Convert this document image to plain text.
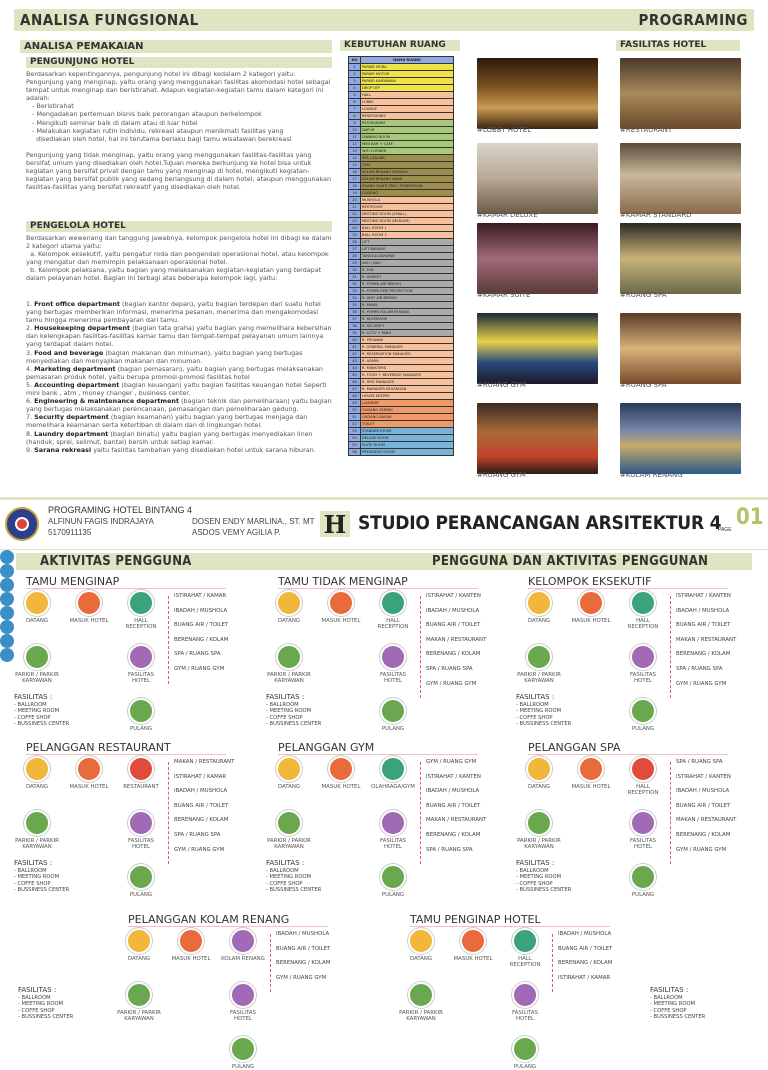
ANALISA FUNGSIONAL	PROGRAMING
ANALISA PEMAKAIAN
PENGUNJUNG HOTEL
Berdasarkan kepentingannya, pengunjung hotel ini dibagi kedalam 2 kategori yaitu:
Pengunjung yang menginap, yaitu orang yang menggunakan fasilitas akomodasi hotel sebagai tempat untuk menginap dan beristirahat. Adapun kegiatan-kegiatan tamu dalam kategori ini adalah:
- Beristirahat
- Mengadakan pertemuan bisnis baik perorangan ataupun berkelompok
- Mengikuti seminar baik di dalam atau di luar hotel
- Melakukan kegiatan rutin individu, rekreasi ataupun menikmati fasilitas yang
disediakan oleh hotel, hal ini terutama berlaku bagi tamu wisatawan berekreasi

Pengunjung yang tidak menginap, yaitu orang yang menggunakan fasilitas-fasilitas yang bersifat umum yang disediakan oleh hotel.Tujuan mereka berkunjung ke hotel bisa untuk kegiatan yang bersifat privat dengan tamu yang menginap di hotel, mengikuti kegiatan-kegiatan yang bersifat publik yang sedang berlangsung di dalam hotel, ataupun menggunakan fasilitas-fasilitas yang bersifat rekreatif yang disediakan oleh hotel.
PENGELOLA HOTEL
Berdasarkan wewenang dan tanggung jawabnya, kelompok pengelola hotel ini dibagi ke dalam 2 kategori utama yaitu:
a. Kelompok eksekutif, yaitu pengatur roda dan pengendali operasional hotel, atau kelompok yang mengatur dan memimpin pelaksanaan operasional hotel.
b. Kelompok pelaksana, yaitu bagian yang melaksanakan kegiatan-kegiatan yang terdapat dalam pelayanan hotel. Bagian ini terbagi atas beberapa kelompok lagi, yaitu:
1. Front office department (bagian kantor depan), yaitu bagian terdepan dari suatu hotel yang bertugas memberikan informasi, menerima pesanan, menerima dan mengakomodasi tamu hingga menerima pembayaran dari tamu.
2. Housekeeping department (bagian tata graha) yaitu bagian yang memelihara kebersihan dan kelengkapan fasilitas-fasilitas kamar tamu dan tempat-tempat pelayanan umum lainnya yang terdapat dalam hotel.
3. Food and beverage (bagian makanan dan minuman), yaitu bagian yang bertugas menyediakan dan menyajikan makanan dan minuman.
4. Marketing department (bagian pemasaran), yaitu bagian yang bertugas melaksanakan pemasaran produk hotel, yaitu berupa promosi-promosi fasilitas hotel
5. Accounting department (bagian keuangan) yaitu bagian fasilitas keuangan hotel Seperti mini bank , atm , money changer , business center.
6. Engineering & maintenance department (bagian teknik dan pemeliharaan) yaitu bagian yang bertugas melaksanakan perencanaan, pemasangan dan pemeliharaan gedung.
7. Security department (bagian keamanan) yaitu bagian yang bertugas menjaga dan memelihara keamanan serta ketertiban di dalam dan di lingkungan hotel.
8. Laundry department (bagian binatu) yaitu bagian yang bertugas menyediakan linen (handuk, sprei, selimut, bantal) bersih untuk setiap kamar.
9. Sarana rekreasi yaitu fasilitas tambahan yang disediakan hotel untuk sarana hiburan.
KEBUTUHAN RUANG
NO	NAMA RUANG
1	PARKIR MOBIL
2	PARKIR MOTOR
3	PARKIR KARYAWAN
4	DROP OFF
5	HALL
6	LOBBY
7	LOUNGE
8	RESEPSIONIS
9	RESTAURANT
10	DAPUR
11	DINNING ROOM
12	MINI BAR + CAFE
13	WIFI CORNER
14	SPA / SAUNA
15	GYM
16	KOLAM RENANG DEWASA
17	KOLAM RENANG ANAK
18	RUANG GANTI PRIA / PEREMPUAN
19	GUDANG
20	MUSHOLA
21	RESTROOM
22	MEETING ROOM (SMALL)
23	MEETING ROOM (MEDIUM)
24	BALL ROOM 1
25	BALL ROOM 2
26	LIFT
27	LIFT BARANG
28	TANGGA DARURAT
29	AHU / BAU
30	R. PLN
31	R. GENSET
32	R. POMPA AIR BERSIH
33	R. POMPA FIRE PROTECTION
34	R. UNIT AIR BERSIH
35	R. PANEL
36	R. POMPA KOLAM RENANG
37	R. RESERVOIR
38	R. SECURITY
39	R. CCTV + PABX
40	R. PEGAWAI
41	R. GENERAL MANAGER
42	R. RESERVATION MANAGER
43	R. ADMIN
44	R. MINISTERS
45	R. FOOD + BEVERAGE MANAGER
46	R. HRD MANAGER
47	R. MANAGER KEUANGAN
48	HOUSE KEEPER
49	LAUNDRY
50	GUDANG KERING
51	GUDANG BASAH
52	TOILET
53	STANDAR ROOM
54	DELUXE ROOM
55	SUITE ROOM
56	PRESIDENT ROOM
FASILITAS HOTEL
#LOBBY HOTEL	#RESTAURANT
#KAMAR DELUXE	#KAMAR STANDARD
#KAMAR SUITE	#RUANG SPA
#RUANG GYM	#RUANG SPA
#RUANG GYM	#KOLAM RENANG
PROGRAMING HOTEL BINTANG 4
ALFINUN FAGIS INDRAJAYA
5170911135
DOSEN ENDY MARLINA., ST. MT
ASDOS VEMY AGILIA P. H STUDIO PERANCANGAN ARSITEKTUR 4
PAGE 01
AKTIVITAS PENGGUNA	PENGGUNA DAN AKTIVITAS PENGGUNAN
TAMU MENGINAP
DATANG	MASUK HOTEL	HALL RECEPTION
PARKIR / PARKIR KARYAWAN
FASILITAS HOTEL
PULANG
ISTIRAHAT / KAMAR
IBADAH / MUSHOLA
BUANG AIR / TOILET
BERENANG / KOLAM
SPA / RUANG SPA
GYM / RUANG GYM
FASILITAS :
- BALLROOM
- MEETING ROOM
- COFFE SHOP
- BUSSINESS CENTER
TAMU TIDAK MENGINAP
DATANG	MASUK HOTEL	HALL RECEPTION
PARKIR / PARKIR KARYAWAN
FASILITAS HOTEL
PULANG
ISTIRAHAT / KANTEN
IBADAH / MUSHOLA
BUANG AIR / TOILET
MAKAN / RESTAURANT
BERENANG / KOLAM
SPA / RUANG SPA
GYM / RUANG GYM
FASILITAS :
- BALLROOM
- MEETING ROOM
- COFFE SHOP
- BUSSINESS CENTER
KELOMPOK EKSEKUTIF
DATANG	MASUK HOTEL	HALL RECEPTION
PARKIR / PARKIR KARYAWAN
FASILITAS HOTEL
PULANG
ISTIRAHAT / KANTEN
IBADAH / MUSHOLA
BUANG AIR / TOILET
MAKAN / RESTAURANT
BERENANG / KOLAM
SPA / RUANG SPA
GYM / RUANG GYM
FASILITAS :
- BALLROOM
- MEETING ROOM
- COFFE SHOP
- BUSSINESS CENTER
PELANGGAN RESTAURANT
DATANG	MASUK HOTEL	RESTAURANT
PARKIR / PARKIR KARYAWAN
FASILITAS HOTEL
PULANG
MAKAN / RESTAURANT
ISTIRAHAT / KAMAR
IBADAH / MUSHOLA
BUANG AIR / TOILET
BERENANG / KOLAM
SPA / RUANG SPA
GYM / RUANG GYM
FASILITAS :
- BALLROOM
- MEETING ROOM
- COFFE SHOP
- BUSSINESS CENTER
PELANGGAN GYM
DATANG	MASUK HOTEL	OLAHRAGA/GYM
PARKIR / PARKIR KARYAWAN
FASILITAS HOTEL
PULANG
GYM / RUANG GYM
ISTIRAHAT / KANTEN
IBADAH / MUSHOLA
BUANG AIR / TOILET
MAKAN / RESTAURANT
BERENANG / KOLAM
SPA / RUANG SPA
FASILITAS :
- BALLROOM
- MEETING ROOM
- COFFE SHOP
- BUSSINESS CENTER
PELANGGAN SPA
DATANG	MASUK HOTEL	HALL RECEPTION
PARKIR / PARKIR KARYAWAN
FASILITAS HOTEL
PULANG
SPA / RUANG SPA
ISTIRAHAT / KANTEN
IBADAH / MUSHOLA
BUANG AIR / TOILET
MAKAN / RESTAURANT
BERENANG / KOLAM
GYM / RUANG GYM
FASILITAS :
- BALLROOM
- MEETING ROOM
- COFFE SHOP
- BUSSINESS CENTER
PELANGGAN KOLAM RENANG
DATANG	MASUK HOTEL	KOLAM RENANG
PARKIR / PARKIR KARYAWAN
FASILITAS HOTEL
PULANG
IBADAH / MUSHOLA
BUANG AIR / TOILET
BERENANG / KOLAM
GYM / RUANG GYM
TAMU PENGINAP HOTEL
DATANG	MASUK HOTEL	HALL RECEPTION
PARKIR / PARKIR KARYAWAN
FASILITAS HOTEL
PULANG
IBADAH / MUSHOLA
BUANG AIR / TOILET
BERENANG / KOLAM
ISTIRAHAT / KAMAR
FASILITAS :
- BALLROOM
- MEETING ROOM
- COFFE SHOP
- BUSSINESS CENTER
FASILITAS :
- BALLROOM
- MEETING ROOM
- COFFE SHOP
- BUSSINESS CENTER
